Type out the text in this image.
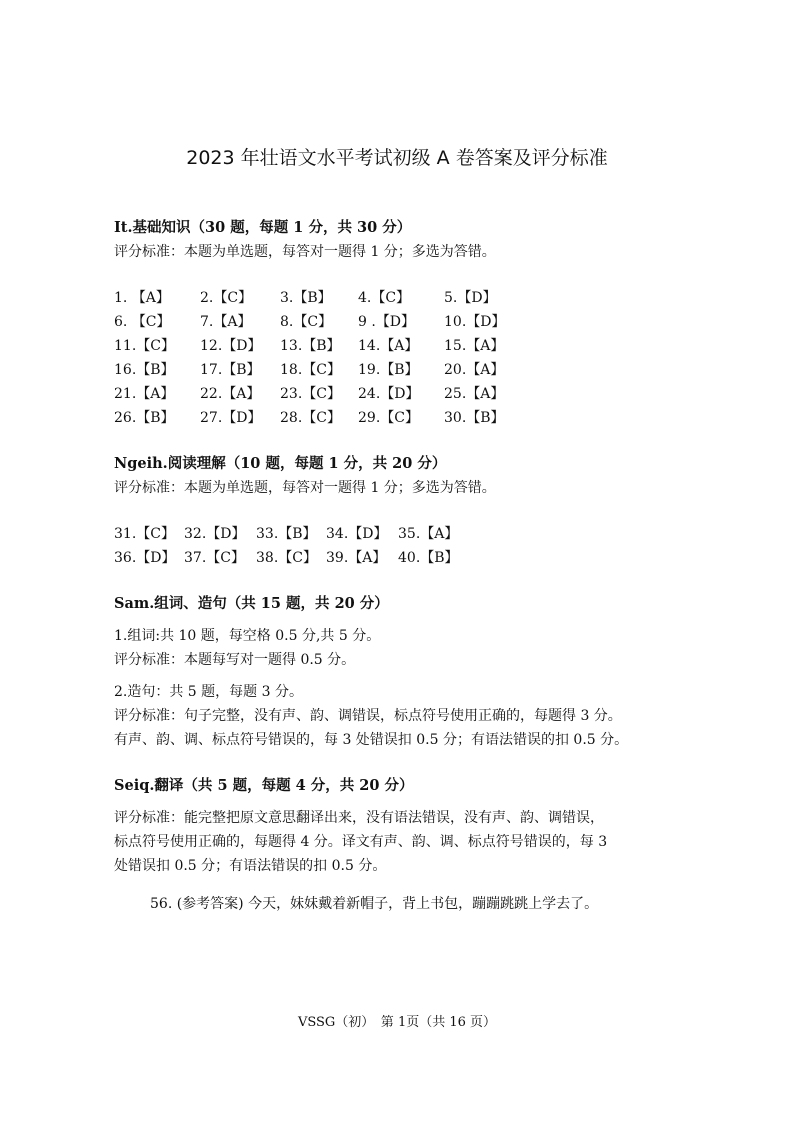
2023 年壮语文水平考试初级 A 卷答案及评分标准
It.基础知识（30 题，每题 1 分，共 30 分）
评分标准：本题为单选题，每答对一题得 1 分；多选为答错。
1. 【A】	2.【C】	3.【B】	4.【C】	5.【D】
6. 【C】	7.【A】	8.【C】	9 .【D】	10.【D】
11.【C】	12.【D】	13.【B】	14.【A】	15.【A】
16.【B】	17.【B】	18.【C】	19.【B】	20.【A】
21.【A】	22.【A】	23.【C】	24.【D】	25.【A】
26.【B】	27.【D】	28.【C】	29.【C】	30.【B】
Ngeih.阅读理解（10 题，每题 1 分，共 20 分）
评分标准：本题为单选题，每答对一题得 1 分；多选为答错。
31.【C】 32.【D】 33.【B】 34.【D】 35.【A】
36.【D】 37.【C】 38.【C】 39.【A】 40.【B】
Sam.组词、造句（共 15 题，共 20 分）
1.组词:共 10 题，每空格 0.5 分,共 5 分。
评分标准：本题每写对一题得 0.5 分。
2.造句：共 5 题，每题 3 分。
评分标准：句子完整，没有声、韵、调错误，标点符号使用正确的，每题得 3 分。
有声、韵、调、标点符号错误的，每 3 处错误扣 0.5 分；有语法错误的扣 0.5 分。
Seiq.翻译（共 5 题，每题 4 分，共 20 分）
评分标准：能完整把原文意思翻译出来，没有语法错误，没有声、韵、调错误，
标点符号使用正确的，每题得 4 分。译文有声、韵、调、标点符号错误的，每 3
处错误扣 0.5 分；有语法错误的扣 0.5 分。
56. (参考答案) 今天，妹妹戴着新帽子，背上书包，蹦蹦跳跳上学去了。
VSSG（初）　第 1页（共 16 页）
